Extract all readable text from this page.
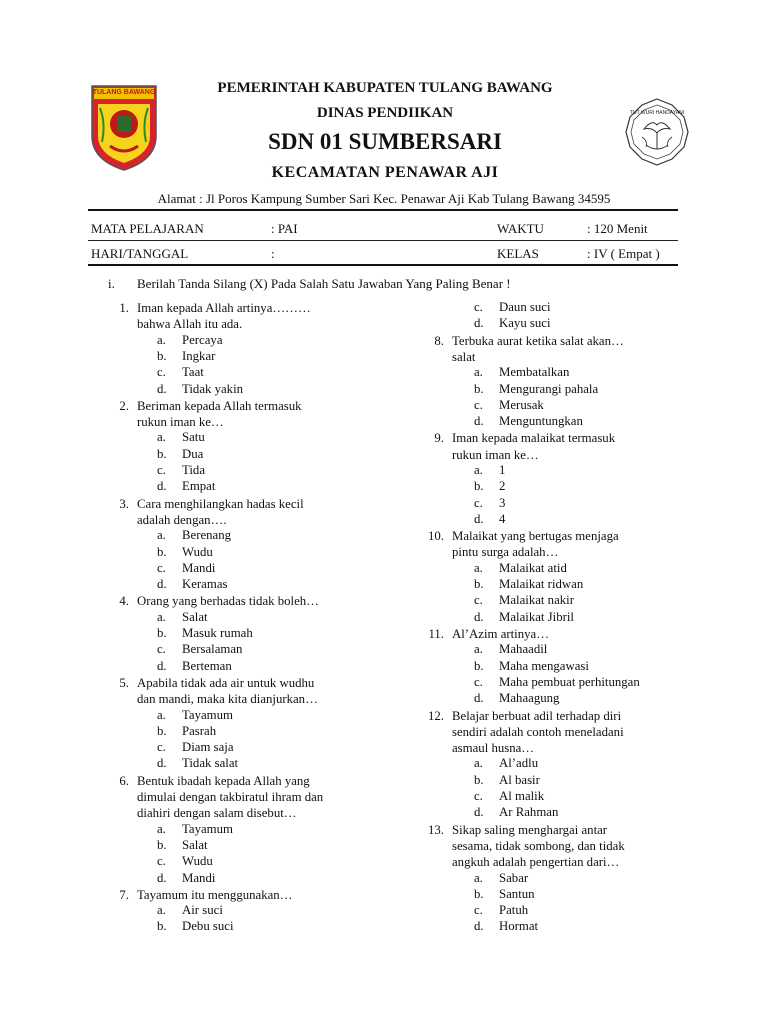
TULANG BAWANG
TUT WURI HANDAYANI
PEMERINTAH KABUPATEN TULANG BAWANG
DINAS PENDIIKAN
SDN 01 SUMBERSARI
KECAMATAN PENAWAR AJI
Alamat : Jl Poros Kampung Sumber Sari Kec. Penawar Aji Kab Tulang Bawang 34595
MATA PELAJARAN	: PAI	WAKTU	: 120 Menit
HARI/TANGGAL	:	KELAS	: IV ( Empat )
i. Berilah Tanda Silang (X) Pada Salah Satu Jawaban Yang Paling Benar !
1. Iman kepada Allah artinya………
bahwa Allah itu ada.
a.	Percaya
b.	Ingkar
c.	Taat
d.	Tidak yakin
2. Beriman kepada Allah termasuk
rukun iman ke…
a.	Satu
b.	Dua
c.	Tida
d.	Empat
3. Cara menghilangkan hadas kecil
adalah dengan….
a.	Berenang
b.	Wudu
c.	Mandi
d.	Keramas
4. Orang yang berhadas tidak boleh…
a.	Salat
b.	Masuk rumah
c.	Bersalaman
d.	Berteman
5. Apabila tidak ada air untuk wudhu
dan mandi, maka kita dianjurkan…
a.	Tayamum
b.	Pasrah
c.	Diam saja
d.	Tidak salat
6. Bentuk ibadah kepada Allah yang
dimulai dengan takbiratul ihram dan
diahiri dengan salam disebut…
a.	Tayamum
b.	Salat
c.	Wudu
d.	Mandi
7. Tayamum itu menggunakan…
a.	Air suci
b.	Debu suci
c.	Daun suci
d.	Kayu suci
8. Terbuka aurat ketika salat akan…
salat
a.	Membatalkan
b.	Mengurangi pahala
c.	Merusak
d.	Menguntungkan
9. Iman kepada malaikat termasuk
rukun iman ke…
a.	1
b.	2
c.	3
d.	4
10. Malaikat yang bertugas menjaga
pintu surga adalah…
a.	Malaikat atid
b.	Malaikat ridwan
c.	Malaikat nakir
d.	Malaikat Jibril
11. Al’Azim artinya…
a.	Mahaadil
b.	Maha mengawasi
c.	Maha pembuat perhitungan
d.	Mahaagung
12. Belajar berbuat adil terhadap diri
sendiri adalah contoh meneladani
asmaul husna…
a.	Al’adlu
b.	Al basir
c.	Al malik
d.	Ar Rahman
13. Sikap saling menghargai antar
sesama, tidak sombong, dan tidak
angkuh adalah pengertian dari…
a.	Sabar
b.	Santun
c.	Patuh
d.	Hormat
